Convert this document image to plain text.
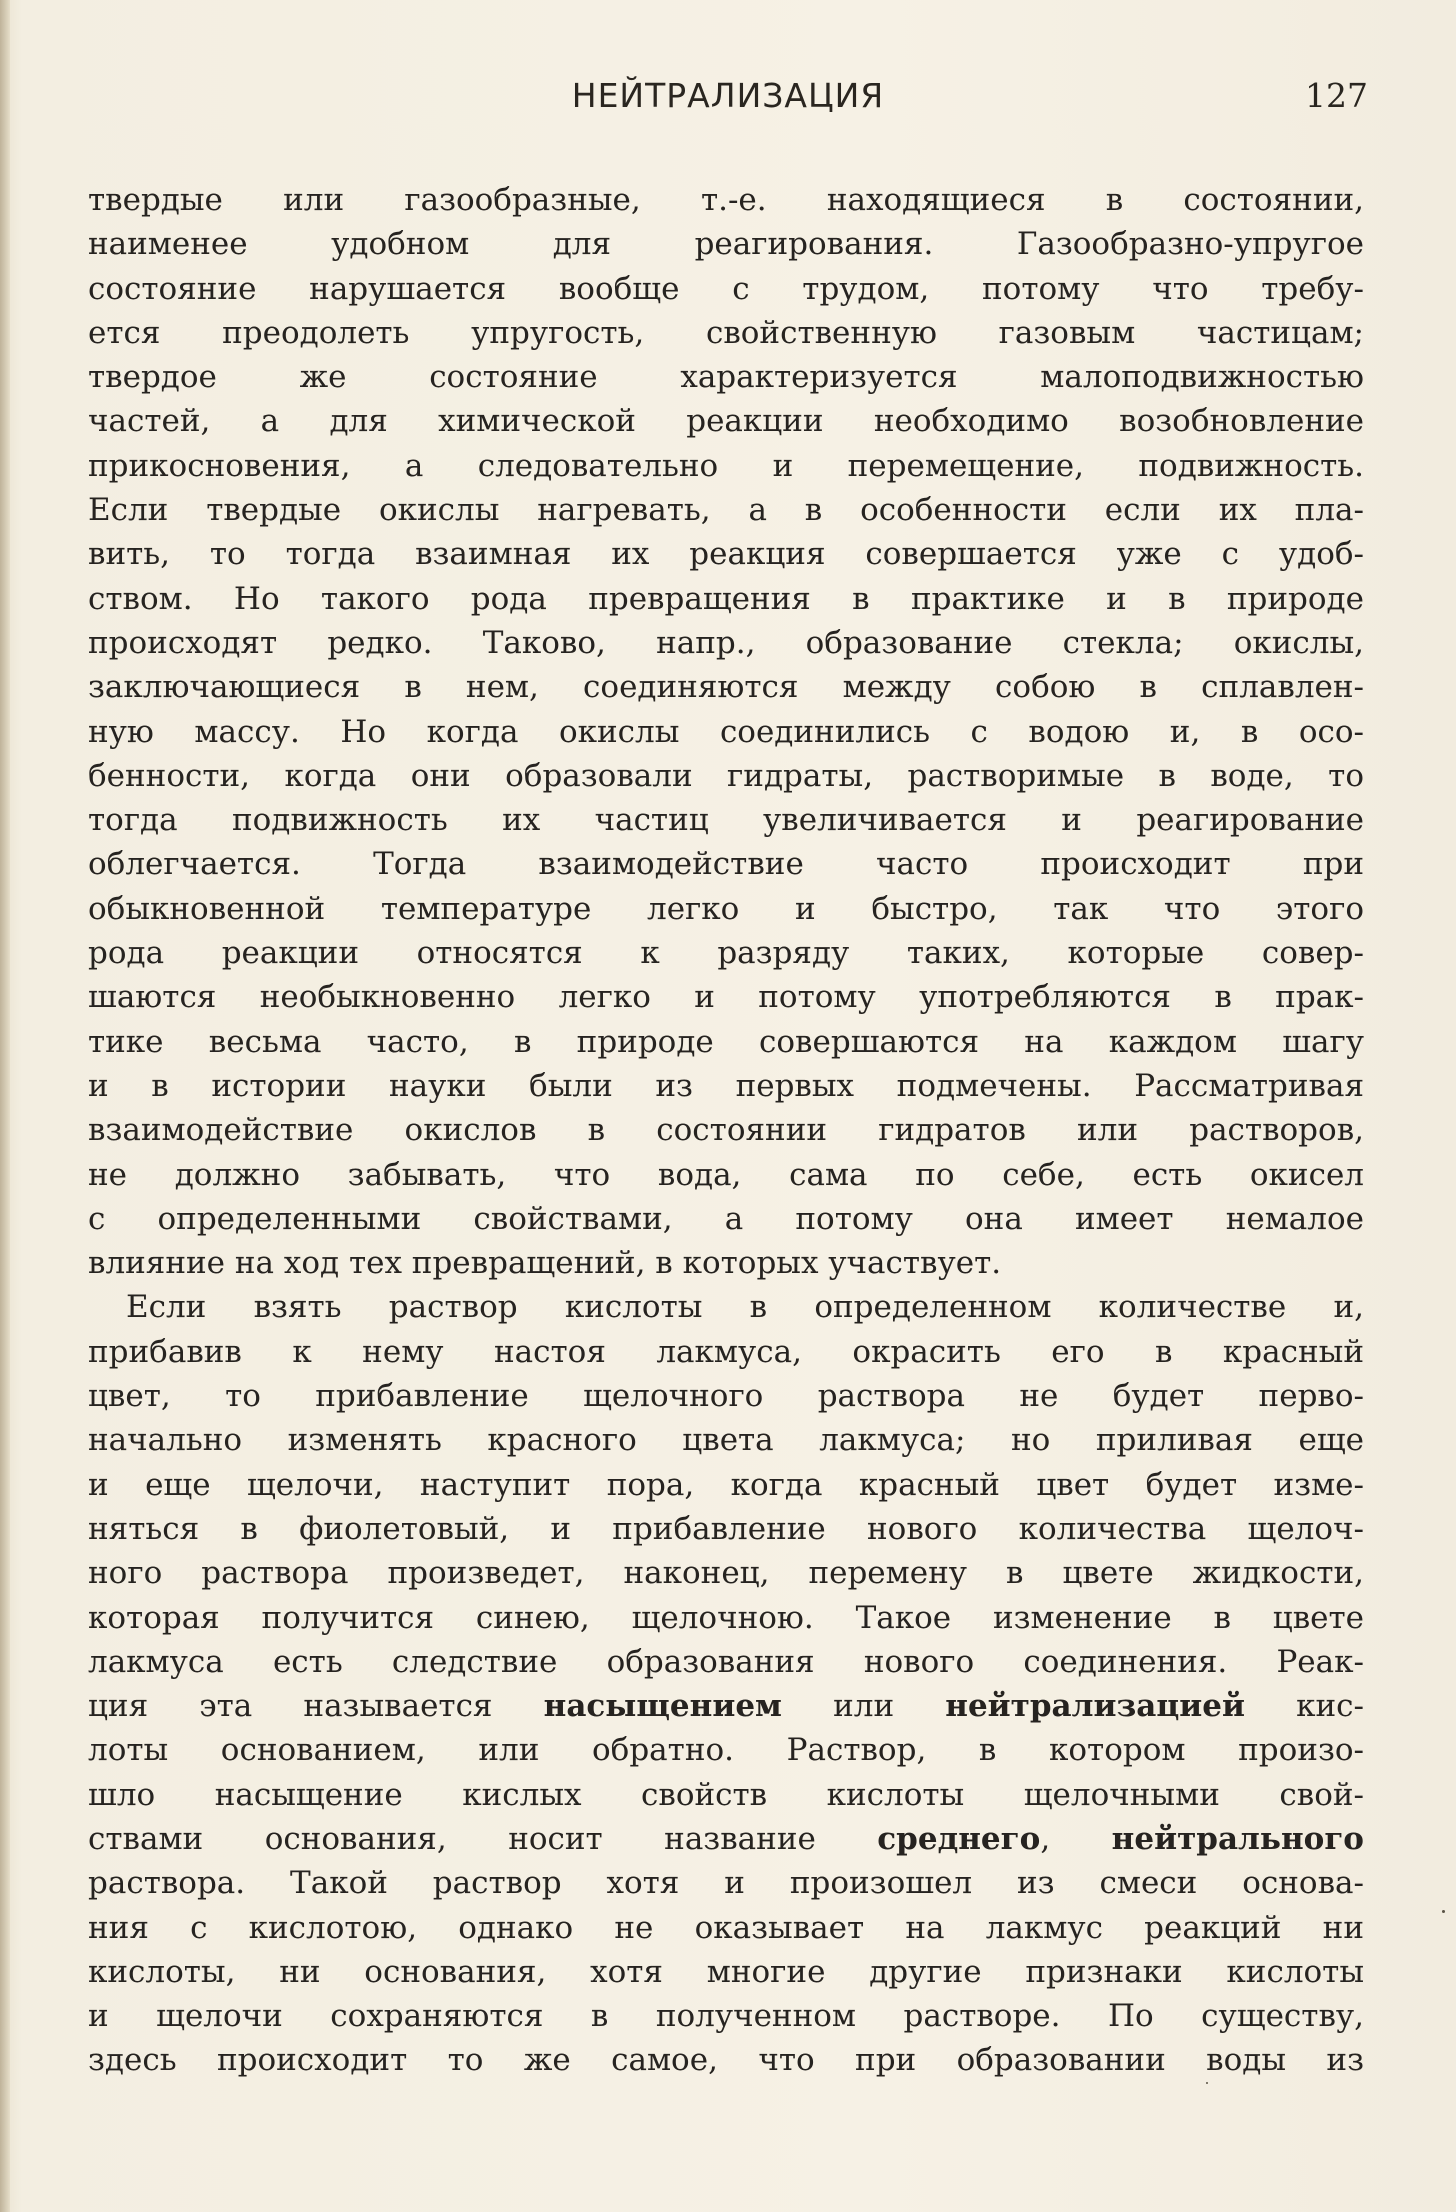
НЕЙТРАЛИЗАЦИЯ	127
твердые или газообразные, т.-е. находящиеся в состоянии,
наименее удобном для реагирования. Газообразно-упругое
состояние нарушается вообще с трудом, потому что требу-
ется преодолеть упругость, свойственную газовым частицам;
твердое же состояние характеризуется малоподвижностью
частей, а для химической реакции необходимо возобновление
прикосновения, а следовательно и перемещение, подвижность.
Если твердые окислы нагревать, а в особенности если их пла-
вить, то тогда взаимная их реакция совершается уже с удоб-
ством. Но такого рода превращения в практике и в природе
происходят редко. Таково, напр., образование стекла; окислы,
заключающиеся в нем, соединяются между собою в сплавлен-
ную массу. Но когда окислы соединились с водою и, в осо-
бенности, когда они образовали гидраты, растворимые в воде, то
тогда подвижность их частиц увеличивается и реагирование
облегчается. Тогда взаимодействие часто происходит при
обыкновенной температуре легко и быстро, так что этого
рода реакции относятся к разряду таких, которые совер-
шаются необыкновенно легко и потому употребляются в прак-
тике весьма часто, в природе совершаются на каждом шагу
и в истории науки были из первых подмечены. Рассматривая
взаимодействие окислов в состоянии гидратов или растворов,
не должно забывать, что вода, сама по себе, есть окисел
с определенными свойствами, а потому она имеет немалое
влияние на ход тех превращений, в которых участвует.
Если взять раствор кислоты в определенном количестве и,
прибавив к нему настоя лакмуса, окрасить его в красный
цвет, то прибавление щелочного раствора не будет перво-
начально изменять красного цвета лакмуса; но приливая еще
и еще щелочи, наступит пора, когда красный цвет будет изме-
няться в фиолетовый, и прибавление нового количества щелоч-
ного раствора произведет, наконец, перемену в цвете жидкости,
которая получится синею, щелочною. Такое изменение в цвете
лакмуса есть следствие образования нового соединения. Реак-
ция эта называется насыщением или нейтрализацией кис-
лоты основанием, или обратно. Раствор, в котором произо-
шло насыщение кислых свойств кислоты щелочными свой-
ствами основания, носит название среднего, нейтрального
раствора. Такой раствор хотя и произошел из смеси основа-
ния с кислотою, однако не оказывает на лакмус реакций ни
кислоты, ни основания, хотя многие другие признаки кислоты
и щелочи сохраняются в полученном растворе. По существу,
здесь происходит то же самое, что при образовании воды из
